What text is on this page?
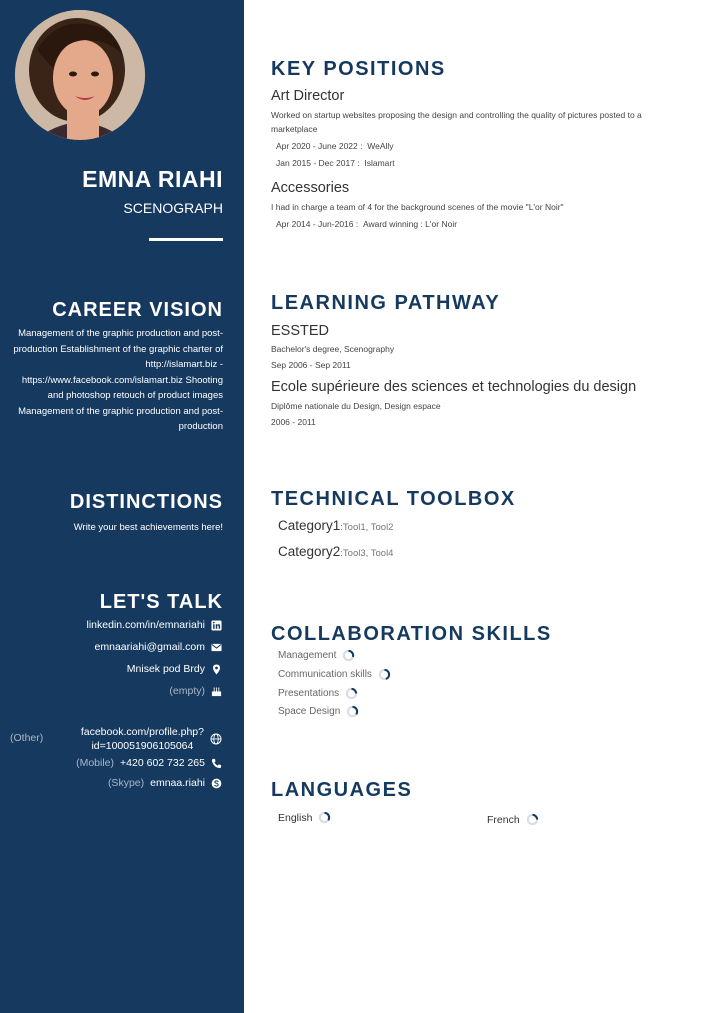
EMNA RIAHI
SCENOGRAPH
CAREER VISION
Management of the graphic production and post-production Establishment of the graphic charter of http://islamart.biz - https://www.facebook.com/islamart.biz Shooting and photoshop retouch of product images Management of the graphic production and post-production
DISTINCTIONS
Write your best achievements here!
LET'S TALK
linkedin.com/in/emnariahi
emnaariahi@gmail.com
Mnisek pod Brdy
(empty)
(Other)	facebook.com/profile.php?
id=100051906105064
(Mobile) +420 602 732 265
(Skype) emnaa.riahi
KEY POSITIONS
Art Director
Worked on startup websites proposing the design and controlling the quality of pictures posted to a marketplace
Apr 2020 - June 2022 : WeAlly
Jan 2015 - Dec 2017 : Islamart
Accessories
I had in charge a team of 4 for the background scenes of the movie "L'or Noir"
Apr 2014 - Jun-2016 : Award winning : L'or Noir
LEARNING PATHWAY
ESSTED
Bachelor's degree, Scenography
Sep 2006 - Sep 2011
Ecole supérieure des sciences et technologies du design
Diplôme nationale du Design, Design espace
2006 - 2011
TECHNICAL TOOLBOX
Category1:Tool1, Tool2
Category2:Tool3, Tool4
COLLABORATION SKILLS
Management
Communication skills
Presentations
Space Design
LANGUAGES
English	French
